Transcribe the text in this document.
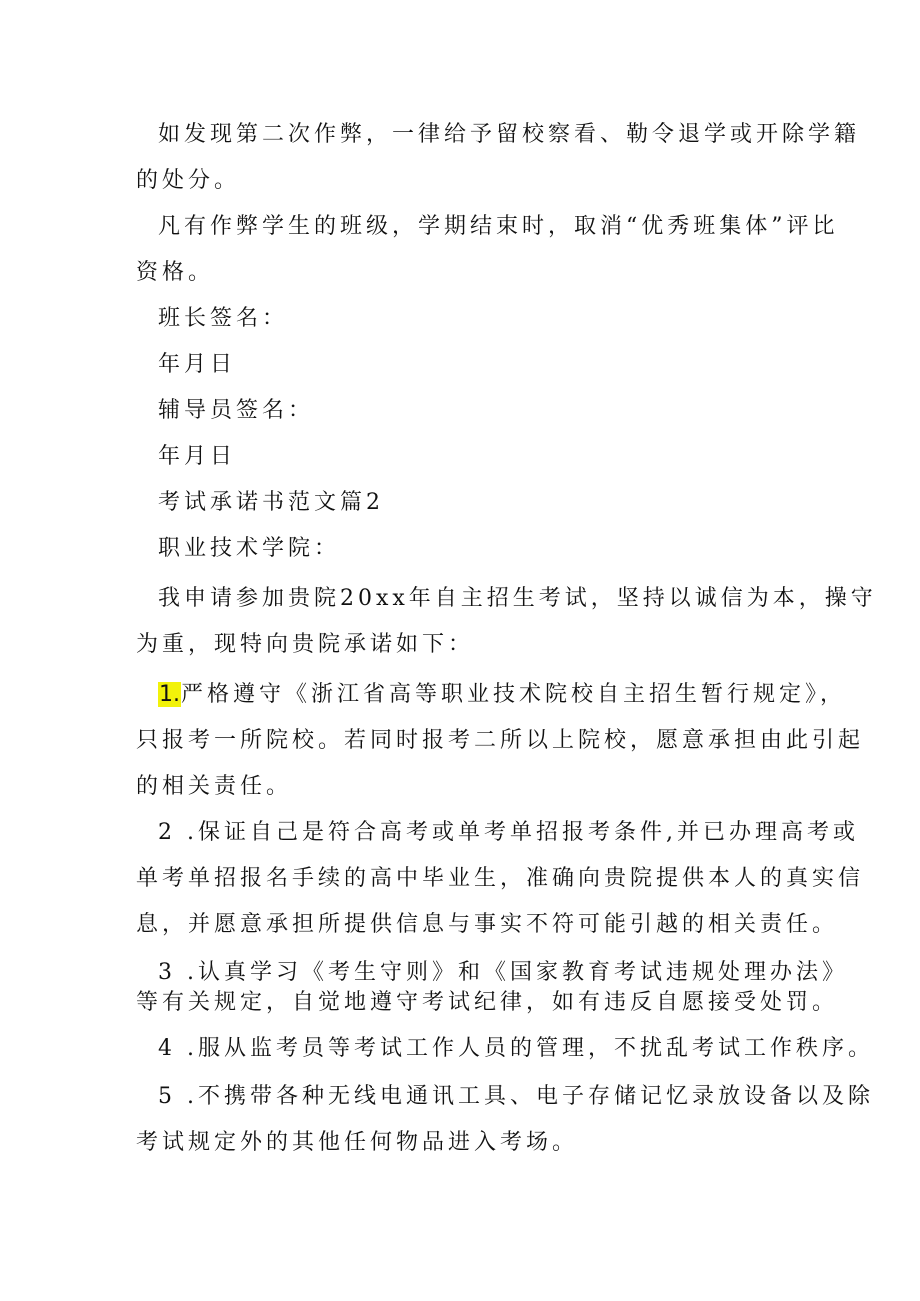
如发现第二次作弊，一律给予留校察看、勒令退学或开除学籍
的处分。
凡有作弊学生的班级，学期结束时，取消“优秀班集体”评比
资格。
班长签名：
年月日
辅导员签名：
年月日
考试承诺书范文篇2
职业技术学院：
我申请参加贵院20xx年自主招生考试，坚持以诚信为本，操守
为重，现特向贵院承诺如下：
1.严格遵守《浙江省高等职业技术院校自主招生暂行规定》，
只报考一所院校。若同时报考二所以上院校，愿意承担由此引起
的相关责任。
2 .保证自己是符合高考或单考单招报考条件,并已办理高考或
单考单招报名手续的高中毕业生，准确向贵院提供本人的真实信
息，并愿意承担所提供信息与事实不符可能引越的相关责任。
3 .认真学习《考生守则》和《国家教育考试违规处理办法》
等有关规定，自觉地遵守考试纪律，如有违反自愿接受处罚。
4 .服从监考员等考试工作人员的管理，不扰乱考试工作秩序。
5 .不携带各种无线电通讯工具、电子存储记忆录放设备以及除
考试规定外的其他任何物品进入考场。
